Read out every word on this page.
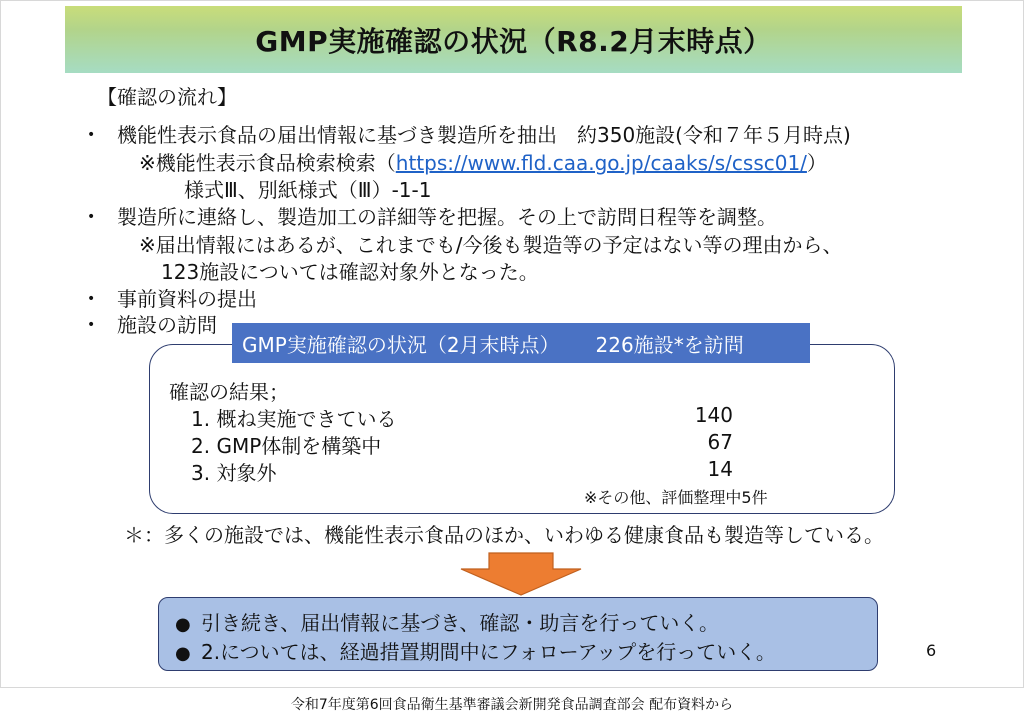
GMP実施確認の状況（R8.2月末時点）
【確認の流れ】
• 機能性表示食品の届出情報に基づき製造所を抽出　約350施設(令和７年５月時点)
※機能性表示食品検索検索（https://www.fld.caa.go.jp/caaks/s/cssc01/）
様式Ⅲ、別紙様式（Ⅲ）-1-1
• 製造所に連絡し、製造加工の詳細等を把握。その上で訪問日程等を調整。
※届出情報にはあるが、これまでも/今後も製造等の予定はない等の理由から、
123施設については確認対象外となった。
• 事前資料の提出
• 施設の訪問
GMP実施確認の状況（2月末時点） 226施設*を訪問
確認の結果；
1. 概ね実施できている	140
2. GMP体制を構築中	67
3. 対象外	14
※その他、評価整理中5件
＊：多くの施設では、機能性表示食品のほか、いわゆる健康食品も製造等している。
● 引き続き、届出情報に基づき、確認・助言を行っていく。
● 2.については、経過措置期間中にフォローアップを行っていく。	6
令和7年度第6回食品衛生基準審議会新開発食品調査部会 配布資料から
